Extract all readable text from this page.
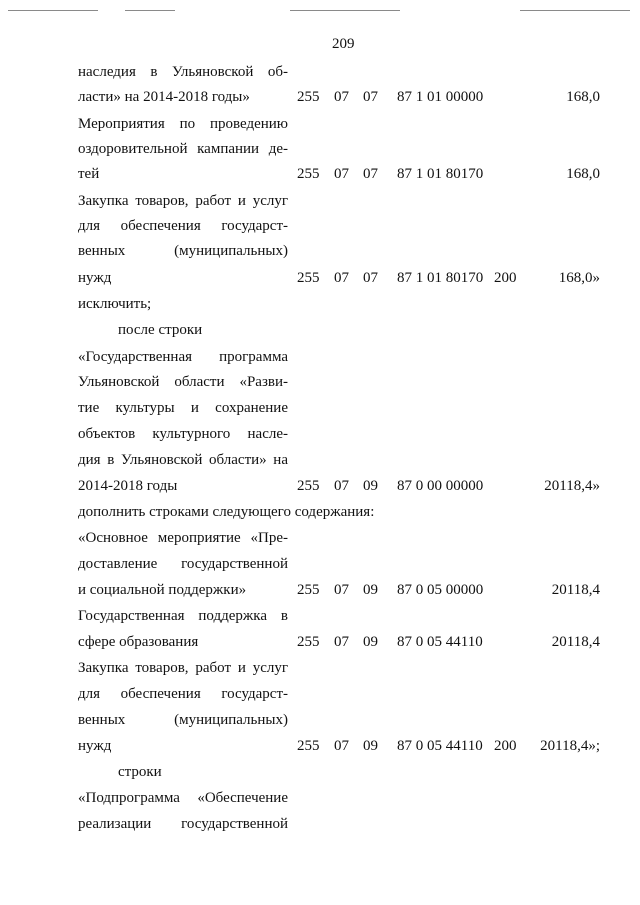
209
наследия в Ульяновской об-
ласти» на 2014-2018 годы»	255 07 07 87 1 01 00000	168,0
Мероприятия по проведению
оздоровительной кампании де-
тей	255 07 07 87 1 01 80170	168,0
Закупка товаров, работ и услуг
для обеспечения государст-
венных (муниципальных)
нужд	255 07 07 87 1 01 80170 200	168,0»
исключить;
после строки
«Государственная программа
Ульяновской области «Разви-
тие культуры и сохранение
объектов культурного насле-
дия в Ульяновской области» на
2014-2018 годы	255 07 09 87 0 00 00000	20118,4»
дополнить строками следующего содержания:
«Основное мероприятие «Пре-
доставление государственной
и социальной поддержки»	255 07 09 87 0 05 00000	20118,4
Государственная поддержка в
сфере образования	255 07 09 87 0 05 44110	20118,4
Закупка товаров, работ и услуг
для обеспечения государст-
венных (муниципальных)
нужд	255 07 09 87 0 05 44110 200 20118,4»;
строки
«Подпрограмма «Обеспечение
реализации государственной
